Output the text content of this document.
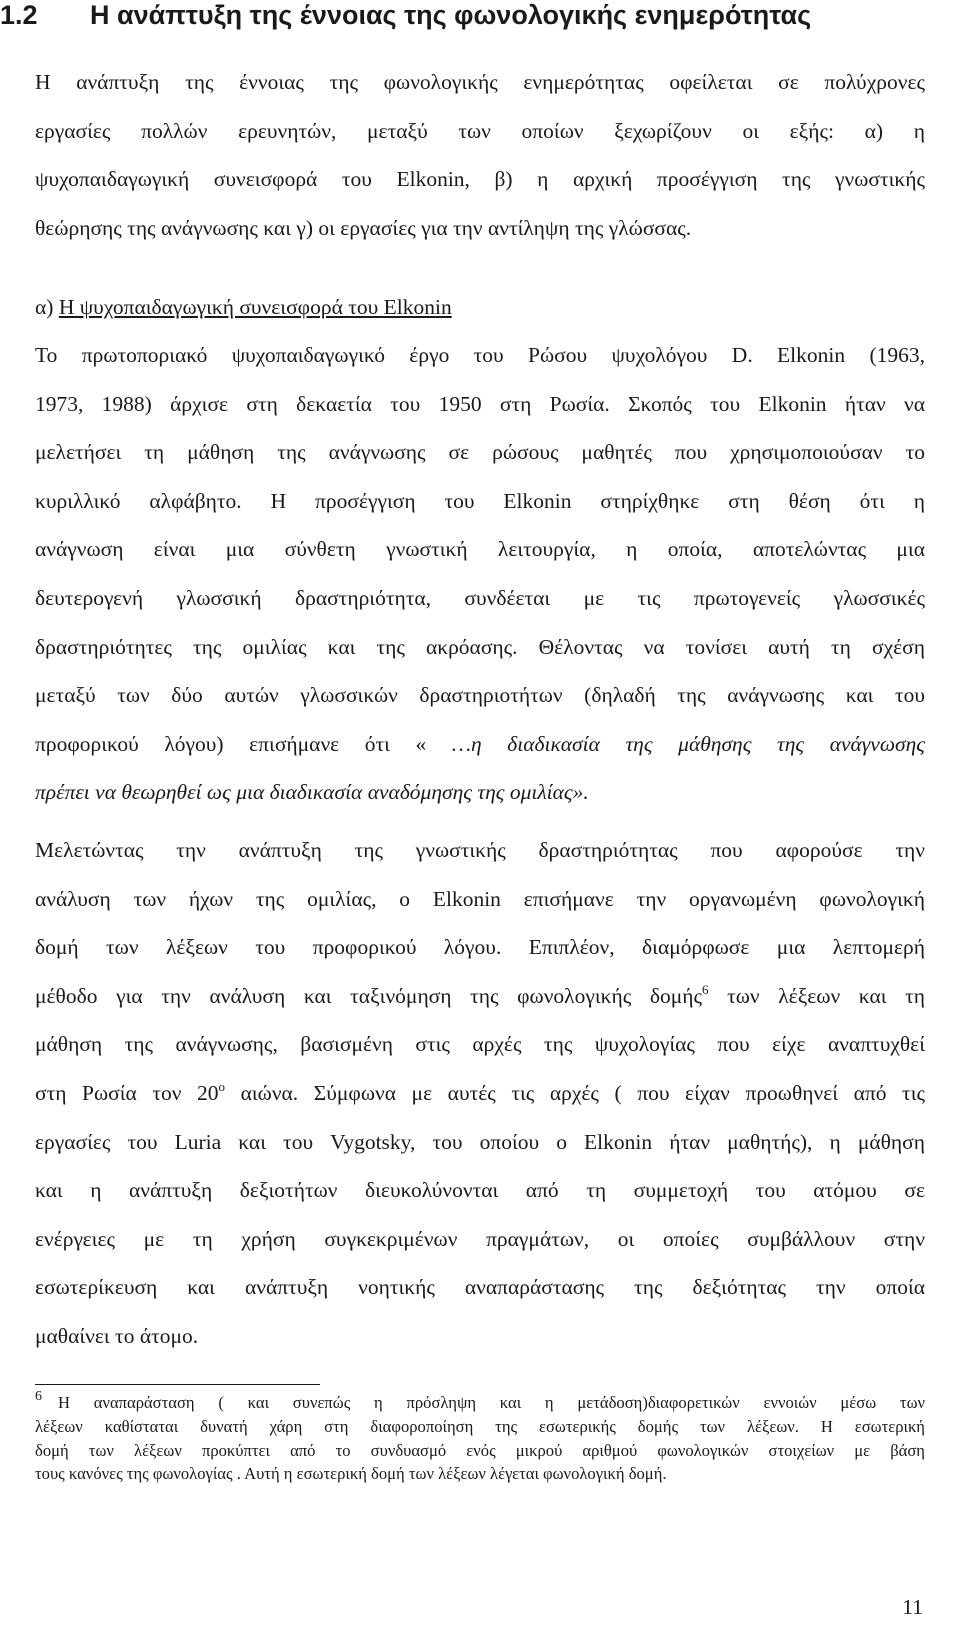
1.2 Η ανάπτυξη της έννοιας της φωνολογικής ενημερότητας
Η ανάπτυξη της έννοιας της φωνολογικής ενημερότητας οφείλεται σε πολύχρονες
εργασίες πολλών ερευνητών, μεταξύ των οποίων ξεχωρίζουν οι εξής: α) η
ψυχοπαιδαγωγική συνεισφορά του Elkonin, β) η αρχική προσέγγιση της γνωστικής
θεώρησης της ανάγνωσης και γ) οι εργασίες για την αντίληψη της γλώσσας.
α) Η ψυχοπαιδαγωγική συνεισφορά του Elkonin
Το πρωτοποριακό ψυχοπαιδαγωγικό έργο του Ρώσου ψυχολόγου D. Elkonin (1963,
1973, 1988) άρχισε στη δεκαετία του 1950 στη Ρωσία. Σκοπός του Elkonin ήταν να
μελετήσει τη μάθηση της ανάγνωσης σε ρώσους μαθητές που χρησιμοποιούσαν το
κυριλλικό αλφάβητο. Η προσέγγιση του Elkonin στηρίχθηκε στη θέση ότι η
ανάγνωση είναι μια σύνθετη γνωστική λειτουργία, η οποία, αποτελώντας μια
δευτερογενή γλωσσική δραστηριότητα, συνδέεται με τις πρωτογενείς γλωσσικές
δραστηριότητες της ομιλίας και της ακρόασης. Θέλοντας να τονίσει αυτή τη σχέση
μεταξύ των δύο αυτών γλωσσικών δραστηριοτήτων (δηλαδή της ανάγνωσης και του
προφορικού λόγου) επισήμανε ότι « …η διαδικασία της μάθησης της ανάγνωσης
πρέπει να θεωρηθεί ως μια διαδικασία αναδόμησης της ομιλίας».
Μελετώντας την ανάπτυξη της γνωστικής δραστηριότητας που αφορούσε την
ανάλυση των ήχων της ομιλίας, ο Elkonin επισήμανε την οργανωμένη φωνολογική
δομή των λέξεων του προφορικού λόγου. Επιπλέον, διαμόρφωσε μια λεπτομερή
μέθοδο για την ανάλυση και ταξινόμηση της φωνολογικής δομής$^6$ των λέξεων και τη
μάθηση της ανάγνωσης, βασισμένη στις αρχές της ψυχολογίας που είχε αναπτυχθεί
στη Ρωσία τον $20^o$ αιώνα. Σύμφωνα με αυτές τις αρχές ( που είχαν προωθηνεί από τις
εργασίες του Luria και του Vygotsky, του οποίου ο Elkonin ήταν μαθητής), η μάθηση
και η ανάπτυξη δεξιοτήτων διευκολύνονται από τη συμμετοχή του ατόμου σε
ενέργειες με τη χρήση συγκεκριμένων πραγμάτων, οι οποίες συμβάλλουν στην
εσωτερίκευση και ανάπτυξη νοητικής αναπαράστασης της δεξιότητας την οποία
μαθαίνει το άτομο.
$^6$ Η αναπαράσταση ( και συνεπώς η πρόσληψη και η μετάδοση)διαφορετικών εννοιών μέσω των
λέξεων καθίσταται δυνατή χάρη στη διαφοροποίηση της εσωτερικής δομής των λέξεων. Η εσωτερική
δομή των λέξεων προκύπτει από το συνδυασμό ενός μικρού αριθμού φωνολογικών στοιχείων με βάση
τους κανόνες της φωνολογίας . Αυτή η εσωτερική δομή των λέξεων λέγεται φωνολογική δομή.

11
